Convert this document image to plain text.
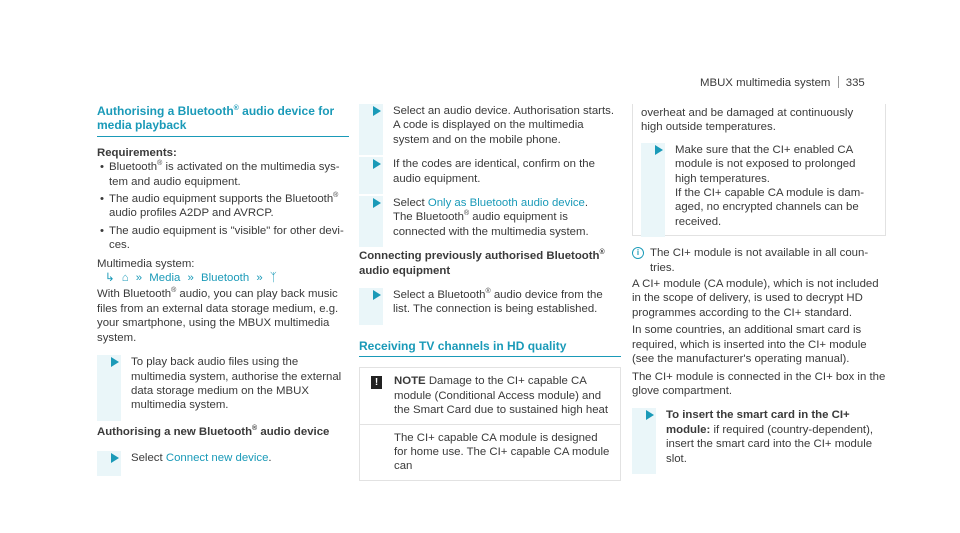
MBUX multimedia system 335
Authorising a Bluetooth® audio device for media playback
Requirements:
• Bluetooth® is activated on the multimedia system and audio equipment.
• The audio equipment supports the Bluetooth® audio profiles A2DP and AVRCP.
• The audio equipment is "visible" for other devices.
Multimedia system:
↳ ⌂ » Media » Bluetooth » ᛉ
With Bluetooth® audio, you can play back music files from an external data storage medium, e.g. your smartphone, using the MBUX multimedia system.
To play back audio files using the multimedia system, authorise the external data storage medium on the MBUX multimedia system.
Authorising a new Bluetooth® audio device
Select Connect new device.
Select an audio device. Authorisation starts. A code is displayed on the multimedia system and on the mobile phone.
If the codes are identical, confirm on the audio equipment.
Select Only as Bluetooth audio device.
The Bluetooth® audio equipment is connected with the multimedia system.
Connecting previously authorised Bluetooth®
audio equipment
Select a Bluetooth® audio device from the list. The connection is being established.
Receiving TV channels in HD quality
!	NOTE Damage to the CI+ capable CA module (Conditional Access module) and the Smart Card due to sustained high heat
The CI+ capable CA module is designed for home use. The CI+ capable CA module can
overheat and be damaged at continuously high outside temperatures.
Make sure that the CI+ enabled CA module is not exposed to prolonged high temperatures.
If the CI+ capable CA module is damaged, no encrypted channels can be received.
i The CI+ module is not available in all countries.
A CI+ module (CA module), which is not included in the scope of delivery, is used to decrypt HD programmes according to the CI+ standard.
In some countries, an additional smart card is required, which is inserted into the CI+ module (see the manufacturer's operating manual).
The CI+ module is connected in the CI+ box in the glove compartment.
To insert the smart card in the CI+ module: if required (country-dependent), insert the smart card into the CI+ module slot.
